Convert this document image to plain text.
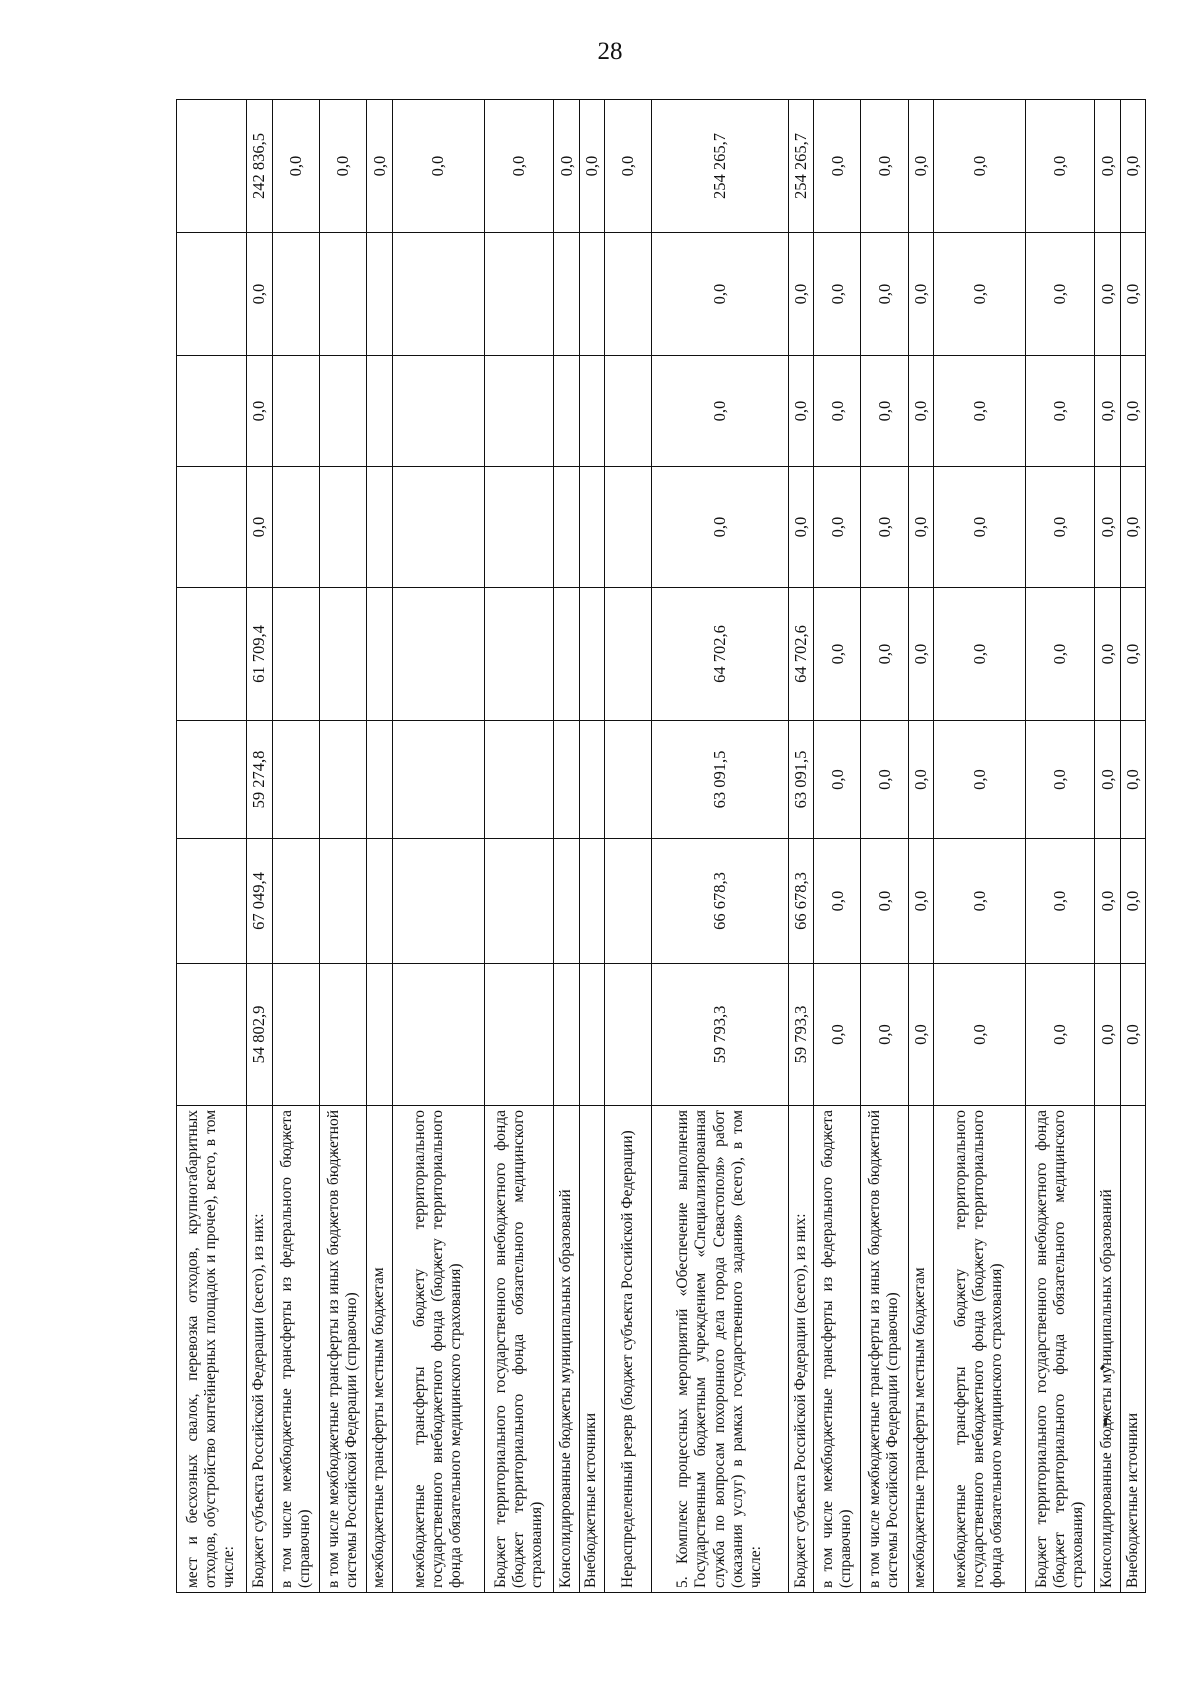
28
мест и бесхозных свалок, перевозка отходов, крупногабаритных отходов, обустройство контейнерных площадок и прочее), всего, в том числе:								
Бюджет субъекта Российской Федерации (всего), из них:	54 802,9	67 049,4	59 274,8	61 709,4	0,0	0,0	0,0	242 836,5
в том числе межбюджетные трансферты из федерального бюджета (справочно)								0,0
в том числе межбюджетные трансферты из иных бюджетов бюджетной системы Российской Федерации (справочно)								0,0
межбюджетные трансферты местным бюджетам								0,0
межбюджетные трансферты бюджету территориального государственного внебюджетного фонда (бюджету территориального фонда обязательного медицинского страхования)								0,0
Бюджет территориального государственного внебюджетного фонда (бюджет территориального фонда обязательного медицинского страхования)								0,0
Консолидированные бюджеты муниципальных образований								0,0
Внебюджетные источники								0,0
Нераспределенный резерв (бюджет субъекта Российской Федерации)								0,0
5. Комплекс процессных мероприятий «Обеспечение выполнения Государственным бюджетным учреждением «Специализированная служба по вопросам похоронного дела города Севастополя» работ (оказания услуг) в рамках государственного задания» (всего), в том числе:	59 793,3	66 678,3	63 091,5	64 702,6	0,0	0,0	0,0	254 265,7
Бюджет субъекта Российской Федерации (всего), из них:	59 793,3	66 678,3	63 091,5	64 702,6	0,0	0,0	0,0	254 265,7
в том числе межбюджетные трансферты из федерального бюджета (справочно)	0,0	0,0	0,0	0,0	0,0	0,0	0,0	0,0
в том числе межбюджетные трансферты из иных бюджетов бюджетной системы Российской Федерации (справочно)	0,0	0,0	0,0	0,0	0,0	0,0	0,0	0,0
межбюджетные трансферты местным бюджетам	0,0	0,0	0,0	0,0	0,0	0,0	0,0	0,0
межбюджетные трансферты бюджету территориального государственного внебюджетного фонда (бюджету территориального фонда обязательного медицинского страхования)	0,0	0,0	0,0	0,0	0,0	0,0	0,0	0,0
Бюджет территориального государственного внебюджетного фонда (бюджет территориального фонда обязательного медицинского страхования)	0,0	0,0	0,0	0,0	0,0	0,0	0,0	0,0
Консолидированные бюджеты муниципальных образований	0,0	0,0	0,0	0,0	0,0	0,0	0,0	0,0
Внебюджетные источники	0,0	0,0	0,0	0,0	0,0	0,0	0,0	0,0
